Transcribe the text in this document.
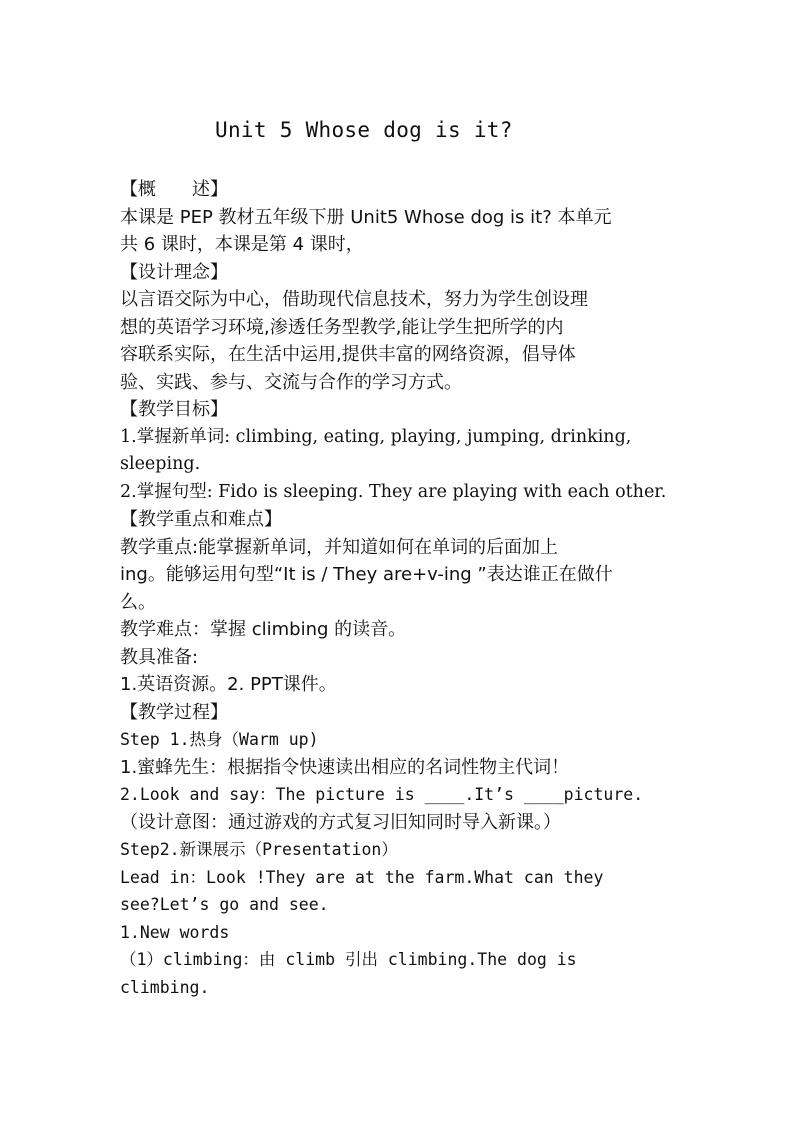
Unit 5 Whose dog is it?
【概　　述】
本课是 PEP 教材五年级下册 Unit5 Whose dog is it? 本单元
共 6 课时，本课是第 4 课时，
【设计理念】
以言语交际为中心，借助现代信息技术，努力为学生创设理
想的英语学习环境,渗透任务型教学,能让学生把所学的内
容联系实际，在生活中运用,提供丰富的网络资源，倡导体
验、实践、参与、交流与合作的学习方式。
【教学目标】
1.掌握新单词: climbing, eating, playing, jumping, drinking,
sleeping.
2.掌握句型: Fido is sleeping. They are playing with each other.
【教学重点和难点】
教学重点:能掌握新单词，并知道如何在单词的后面加上
ing。能够运用句型“It is / They are+v-ing ”表达谁正在做什
么。
教学难点：掌握 climbing 的读音。
教具准备:
1.英语资源。2. PPT课件。
【教学过程】
Step 1.热身（Warm up)
1.蜜蜂先生：根据指令快速读出相应的名词性物主代词！
2.Look and say：The picture is ____.It’s ____picture.
（设计意图：通过游戏的方式复习旧知同时导入新课。）
Step2.新课展示（Presentation）
Lead in：Look !They are at the farm.What can they
see?Let’s go and see.
1.New words
（1）climbing：由 climb 引出 climbing.The dog is
climbing.
